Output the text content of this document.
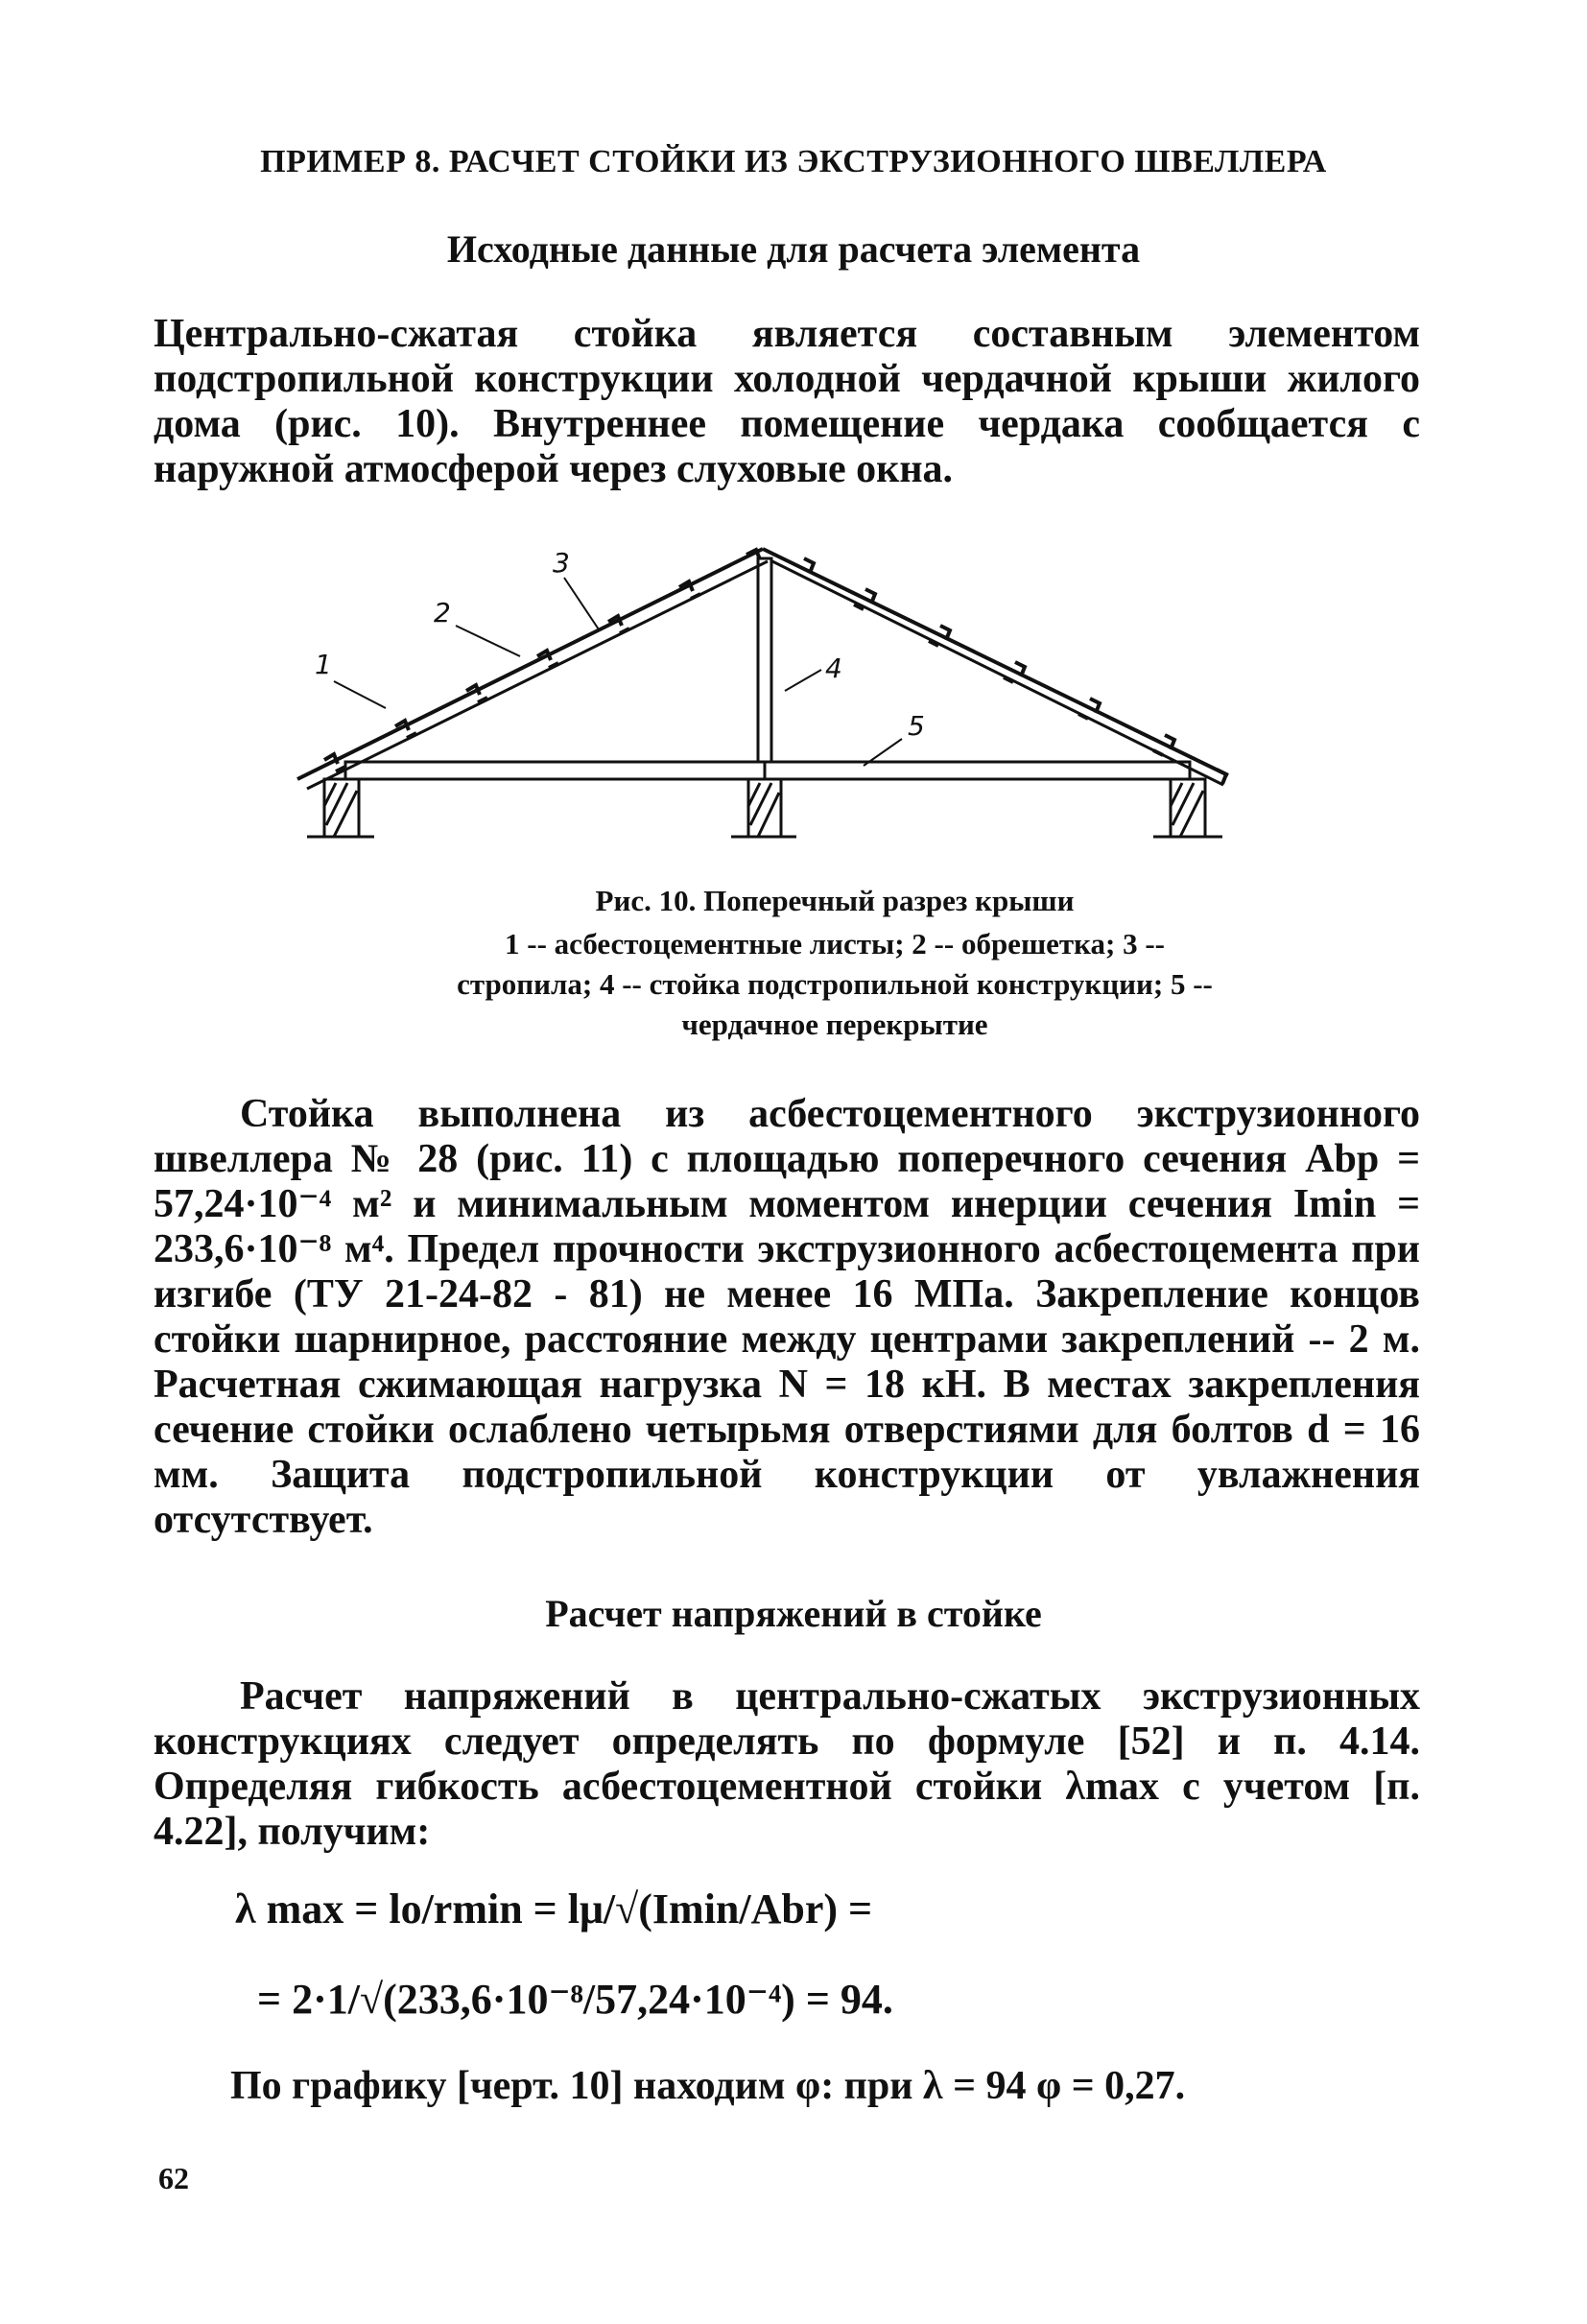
ПРИМЕР 8. РАСЧЕТ СТОЙКИ ИЗ ЭКСТРУЗИОННОГО ШВЕЛЛЕРА
Исходные данные для расчета элемента

Центрально-сжатая стойка является составным элементом подстропильной конструкции холодной чердачной крыши жилого дома (рис. 10). Внутреннее помещение чердака сообщается с наружной атмосферой через слуховые окна.

1
2
3
4
5
Рис. 10. Поперечный разрез крыши
1 -- асбестоцементные листы; 2 -- обрешетка; 3 -- стропила; 4 -- стойка подстропильной конструкции; 5 -- чердачное перекрытие

Стойка выполнена из асбестоцементного экструзионного швеллера № 28 (рис. 11) с площадью поперечного сечения Abp = 57,24·10⁻⁴ м² и минимальным моментом инерции сечения Imin = 233,6·10⁻⁸ м⁴. Предел прочности экструзионного асбестоцемента при изгибе (ТУ 21-24-82 - 81) не менее 16 МПа. Закрепление концов стойки шарнирное, расстояние между центрами закреплений -- 2 м. Расчетная сжимающая нагрузка N = 18 кН. В местах закрепления сечение стойки ослаблено четырьмя отверстиями для болтов d = 16 мм. Защита подстропильной конструкции от увлажнения отсутствует.

Расчет напряжений в стойке

Расчет напряжений в центрально-сжатых экструзионных конструкциях следует определять по формуле [52] и п. 4.14. Определяя гибкость асбестоцементной стойки λmax с учетом [п. 4.22], получим:

λ max = lo/rmin = lμ/√(Imin/Abr) =
= 2·1/√(233,6·10⁻⁸/57,24·10⁻⁴) = 94.
По графику [черт. 10] находим φ: при λ = 94 φ = 0,27.
62
